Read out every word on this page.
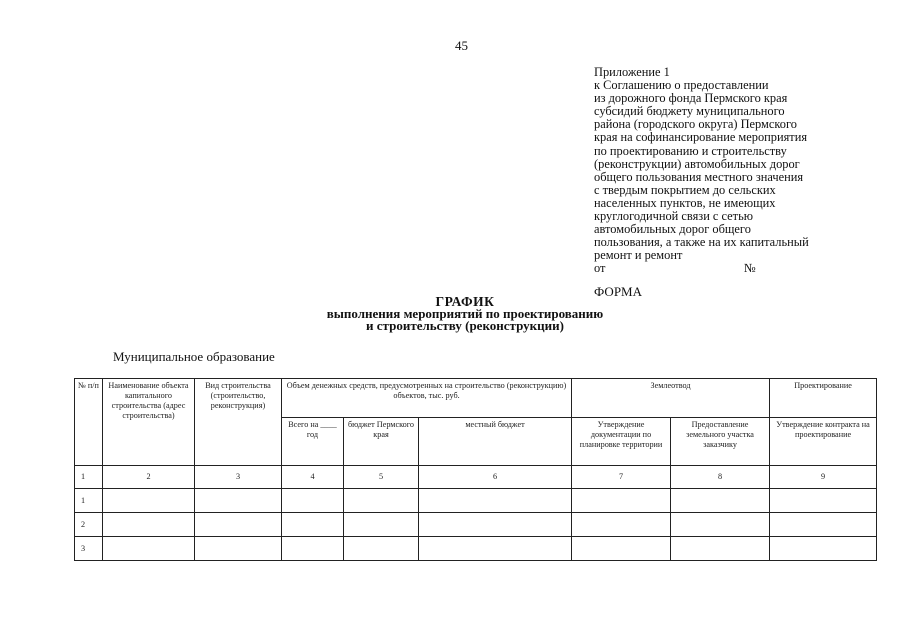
45
Приложение 1
к Соглашению о предоставлении
из дорожного фонда Пермского края
субсидий бюджету муниципального
района (городского округа) Пермского
края на софинансирование мероприятия
по проектированию и строительству
(реконструкции) автомобильных дорог
общего пользования местного значения
с твердым покрытием до сельских
населенных пунктов, не имеющих
круглогодичной связи с сетью
автомобильных дорог общего
пользования, а также на их капитальный
ремонт и ремонт
от	№
ФОРМА
ГРАФИК
выполнения мероприятий по проектированию
и строительству (реконструкции)
Муниципальное образование
№ п/п	Наименование объекта капитального строительства (адрес строительства)	Вид строительства (строительство, реконструкция)	Объем денежных средств, предусмотренных на строительство (реконструкцию) объектов, тыс. руб.			Землеотвод		Проектирование
			Всего на ____ год	бюджет Пермского края	местный бюджет			
						Утверждение документации по планировке территории	Предоставление земельного участка заказчику	Утверждение контракта на проектирование
1	2	3	4	5	6	7	8	9
1								
2								
3								
